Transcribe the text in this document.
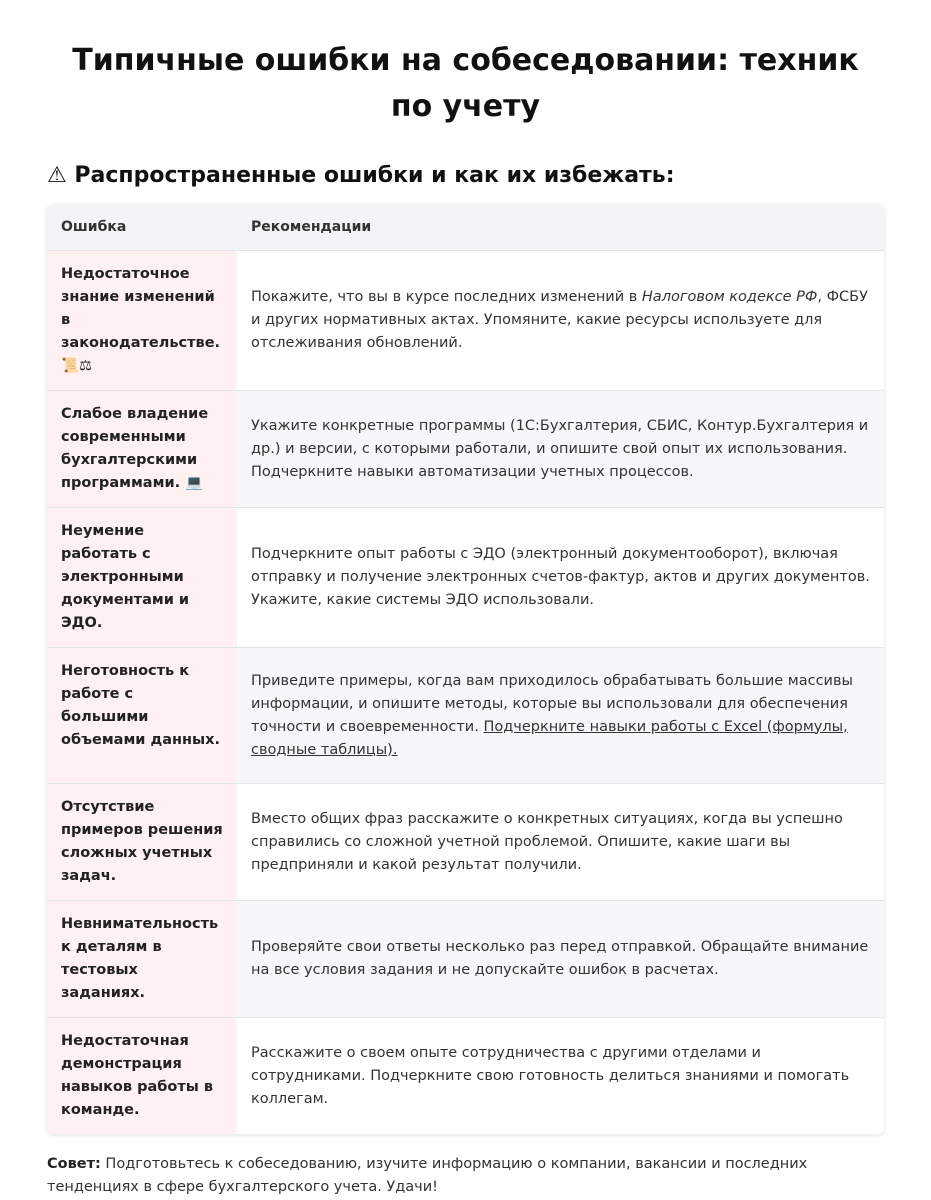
Типичные ошибки на собеседовании: техник по учету
⚠ Распространенные ошибки и как их избежать:
Ошибка	Рекомендации
Недостаточное знание изменений в законодательстве. 📜⚖	Покажите, что вы в курсе последних изменений в Налоговом кодексе РФ, ФСБУ и других нормативных актах. Упомяните, какие ресурсы используете для отслеживания обновлений.
Слабое владение современными бухгалтерскими программами. 💻	Укажите конкретные программы (1С:Бухгалтерия, СБИС, Контур.Бухгалтерия и др.) и версии, с которыми работали, и опишите свой опыт их использования. Подчеркните навыки автоматизации учетных процессов.
Неумение работать с электронными документами и ЭДО.	Подчеркните опыт работы с ЭДО (электронный документооборот), включая отправку и получение электронных счетов-фактур, актов и других документов. Укажите, какие системы ЭДО использовали.
Неготовность к работе с большими объемами данных.	Приведите примеры, когда вам приходилось обрабатывать большие массивы информации, и опишите методы, которые вы использовали для обеспечения точности и своевременности. Подчеркните навыки работы с Excel (формулы, сводные таблицы).
Отсутствие примеров решения сложных учетных задач.	Вместо общих фраз расскажите о конкретных ситуациях, когда вы успешно справились со сложной учетной проблемой. Опишите, какие шаги вы предприняли и какой результат получили.
Невнимательность к деталям в тестовых заданиях.	Проверяйте свои ответы несколько раз перед отправкой. Обращайте внимание на все условия задания и не допускайте ошибок в расчетах.
Недостаточная демонстрация навыков работы в команде.	Расскажите о своем опыте сотрудничества с другими отделами и сотрудниками. Подчеркните свою готовность делиться знаниями и помогать коллегам.
Совет: Подготовьтесь к собеседованию, изучите информацию о компании, вакансии и последних тенденциях в сфере бухгалтерского учета. Удачи!
